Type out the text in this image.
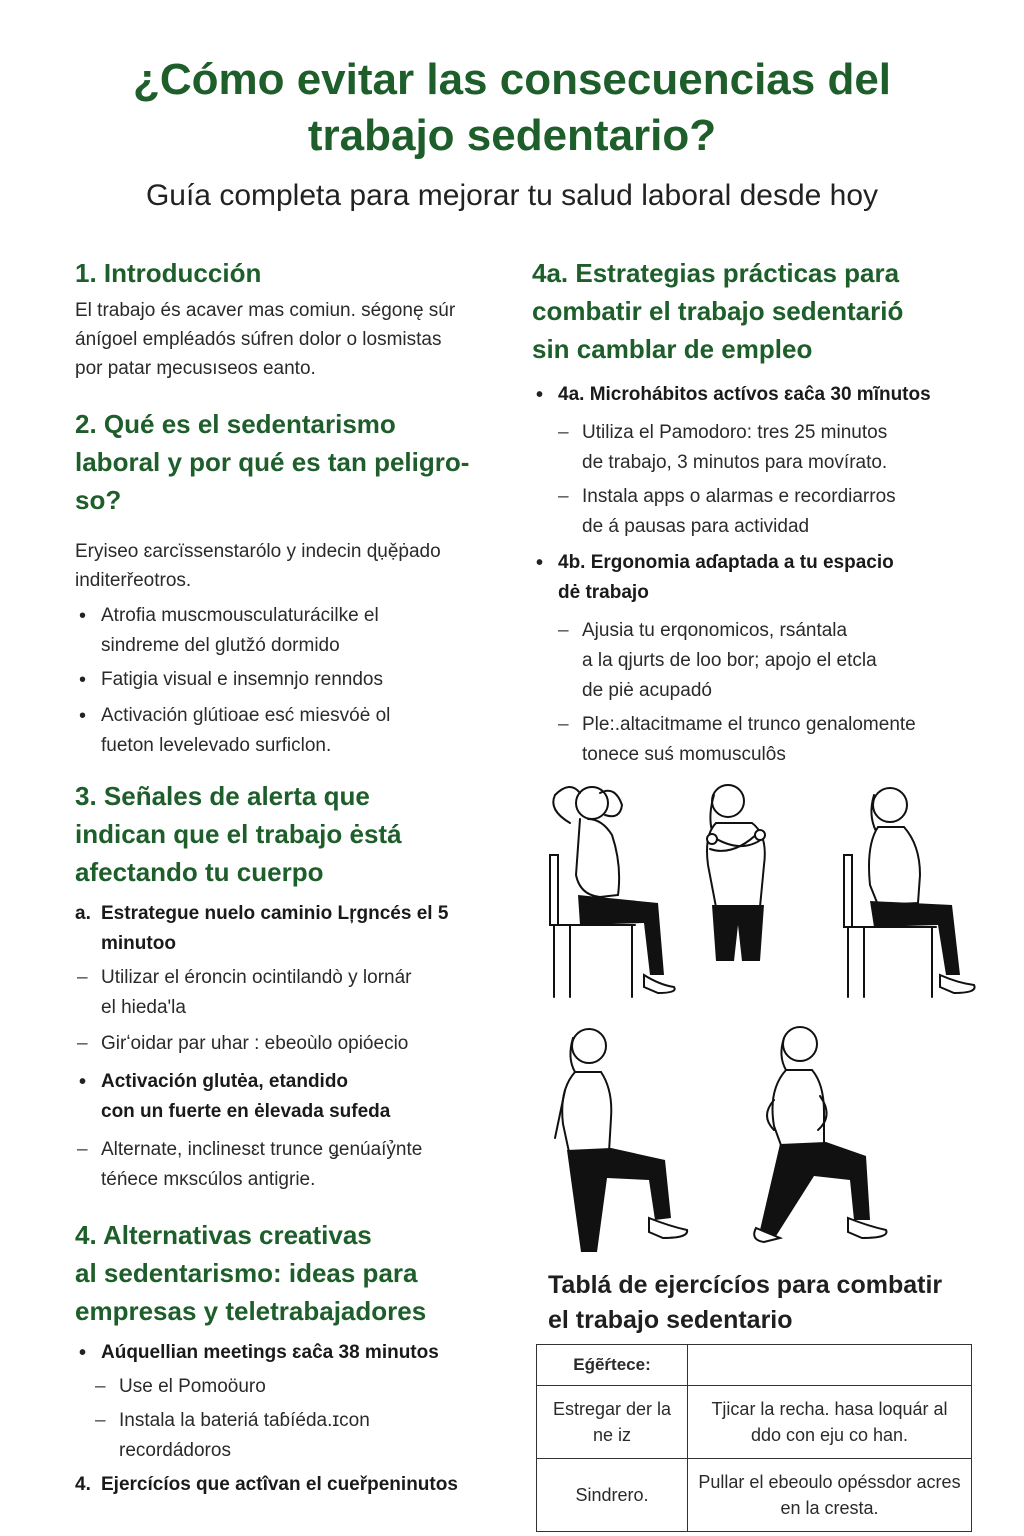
¿Cómo evitar las consecuencias del
trabajo sedentario?
Guía completa para mejorar tu salud laboral desde hoy
1. Introducción

El trabajo és acaveɾ mas comiun. ségonę súr

ánígoel empléadós súfren dolor o losmistas

por patar ɱecusıseos eanto.

2. Qué es el sedentarismo
laboral y por qué es tan peligro-
so?

Eryiseo ɛarcïssenstarólo y indecin ɖụẹ̌ṗado

inditerřeotros.

• Atrofia muscmousculaturácilke el
sindreme del glutžó dormido
• Fatigia visual e insemnjo renndos
• Activación glútioae esć miesvóė ol
fueton levelevado surficlon.
3. Señales de alerta que
indican que el trabajo ėstá
afectando tu cuerpo
a. Estrategue nuelo caminio Lŗgncés el 5
minutoo
– Utilizar el éroncin ocintilandò y lornár
el hieda'la
– Girʻoidar par uhar : ebeoùlo opióecio
• Activación glutėa, etandido
con un fuerte en ėlevada sufeda
– Alternate, inclinesɛt trunce ǥenúaíỷnte
téńece mĸscúlos antigrie.
4. Alternativas creativas
al sedentarismo: ideas para
empresas y teletrabajadores
• Aúquellian meetings ɛaĉa 38 minutos
– Use el Pomoöuro
– Instala la bateriá taɓíéda.ɪcon
recordádoros
4. Ejercícíos que actîvan el cueřpeninutos
4a. Estrategias prácticas para
combatir el trabajo sedentarió́
sin camblar de empleo
• 4a. Microhábitos actívos ɛaĉa 30 mĩnutos
– Utiliza el Pamodoro: tres 25 minutos
de trabajo, 3 minutos para movírato.
– Instala apps o alarmas e recordiarros
de á pausas para actividad
• 4b. Ergonomia aɗaptada a tu espacio
dė trabajo
– Ajusia tu erqonomicos, rsántala
a la qjurts de loo bor; apojo el etcla
de piė acupadó
– Ple:.altacitmame el trunco genalomente
tonece suś momusculôs
Tablá de ejercícíos para combatir
el trabajo sedentario
Eǵẽŕtece:	
Estregar der la ne iz	Tjicar la recha. hasa loquár al ddo con eju co han.
Sindrero.	Pullar el ebeoulo opéssdor acres en la cresta.
